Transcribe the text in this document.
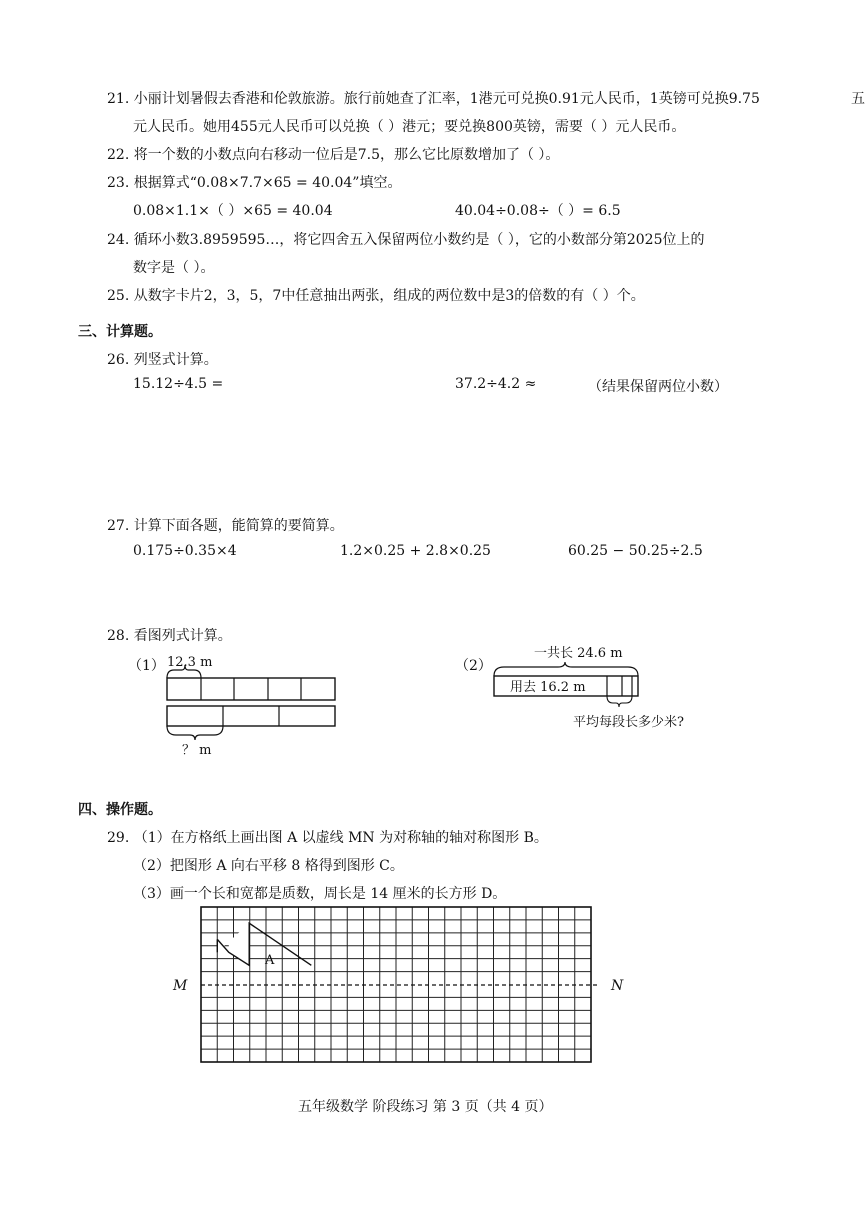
21. 小丽计划暑假去香港和伦敦旅游。旅行前她查了汇率，1港元可兑换0.91元人民币，1英镑可兑换9.75	五
元人民币。她用455元人民币可以兑换（ ）港元；要兑换800英镑，需要（ ）元人民币。
22. 将一个数的小数点向右移动一位后是7.5，那么它比原数增加了（ ）。
23. 根据算式“0.08×7.7×65 = 40.04”填空。
0.08×1.1×（ ）×65 = 40.04	40.04÷0.08÷（ ）= 6.5
24. 循环小数3.8959595…，将它四舍五入保留两位小数约是（ ），它的小数部分第2025位上的
数字是（ ）。
25. 从数字卡片2，3，5，7中任意抽出两张，组成的两位数中是3的倍数的有（ ）个。
三、计算题。
26. 列竖式计算。
15.12÷4.5 =	37.2÷4.2 ≈	（结果保留两位小数）
27. 计算下面各题，能简算的要简算。
0.175÷0.35×4	1.2×0.25 + 2.8×0.25	60.25 − 50.25÷2.5
28. 看图列式计算。
（1） 12.3 m
？ m
（2）
一共长 24.6 m
用去 16.2 m
平均每段长多少米?
四、操作题。
29. （1）在方格纸上画出图 A 以虚线 MN 为对称轴的轴对称图形 B。
（2）把图形 A 向右平移 8 格得到图形 C。
（3）画一个长和宽都是质数，周长是 14 厘米的长方形 D。
M	N
A
五年级数学 阶段练习 第 3 页（共 4 页）
